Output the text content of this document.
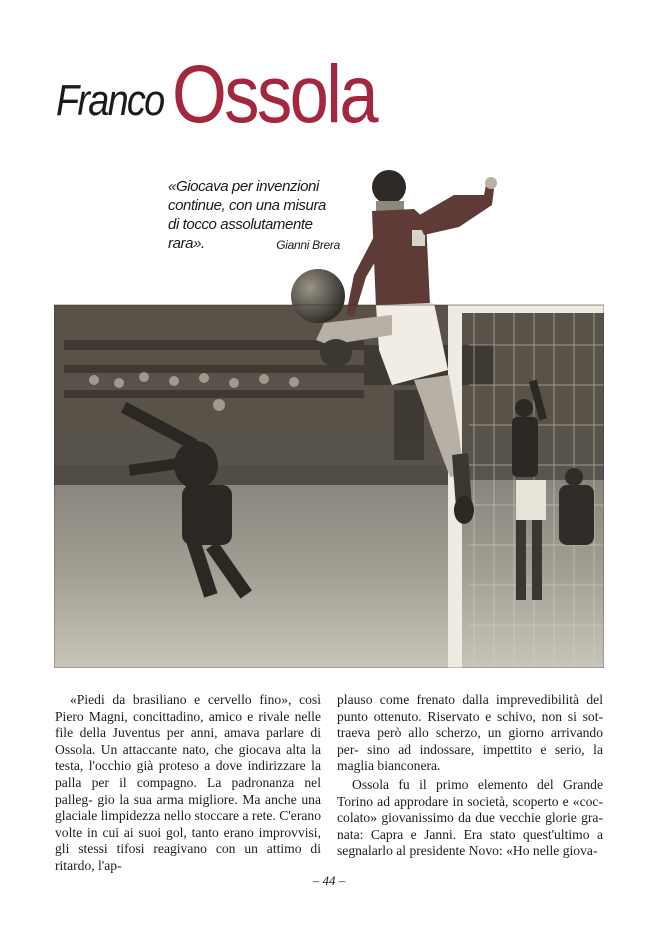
Franco Ossola
«Giocava per invenzioni
continue, con una misura
di tocco assolutamente rara».	Gianni Brera

«Piedi da brasiliano e cervello fino», così Piero Magni, concittadino, amico e rivale nelle file della Juventus per anni, amava parlare di Ossola. Un attaccante nato, che giocava alta la testa, l'occhio già proteso a dove indirizzare la palla per il compagno. La padronanza nel palleg- gio la sua arma migliore. Ma anche una glaciale limpidezza nello stoccare a rete. C'erano volte in cui ai suoi gol, tanto erano improvvisi, gli stessi tifosi reagivano con un attimo di ritardo, l'ap-

plauso come frenato dalla imprevedibilità del punto ottenuto. Riservato e schivo, non si sot- traeva però allo scherzo, un giorno arrivando per- sino ad indossare, impettito e serio, la maglia bianconera.

Ossola fu il primo elemento del Grande Torino ad approdare in società, scoperto e «coc- colato» giovanissimo da due vecchie glorie gra- nata: Capra e Janni. Era stato quest'ultimo a segnalarlo al presidente Novo: «Ho nelle giova-

– 44 –
